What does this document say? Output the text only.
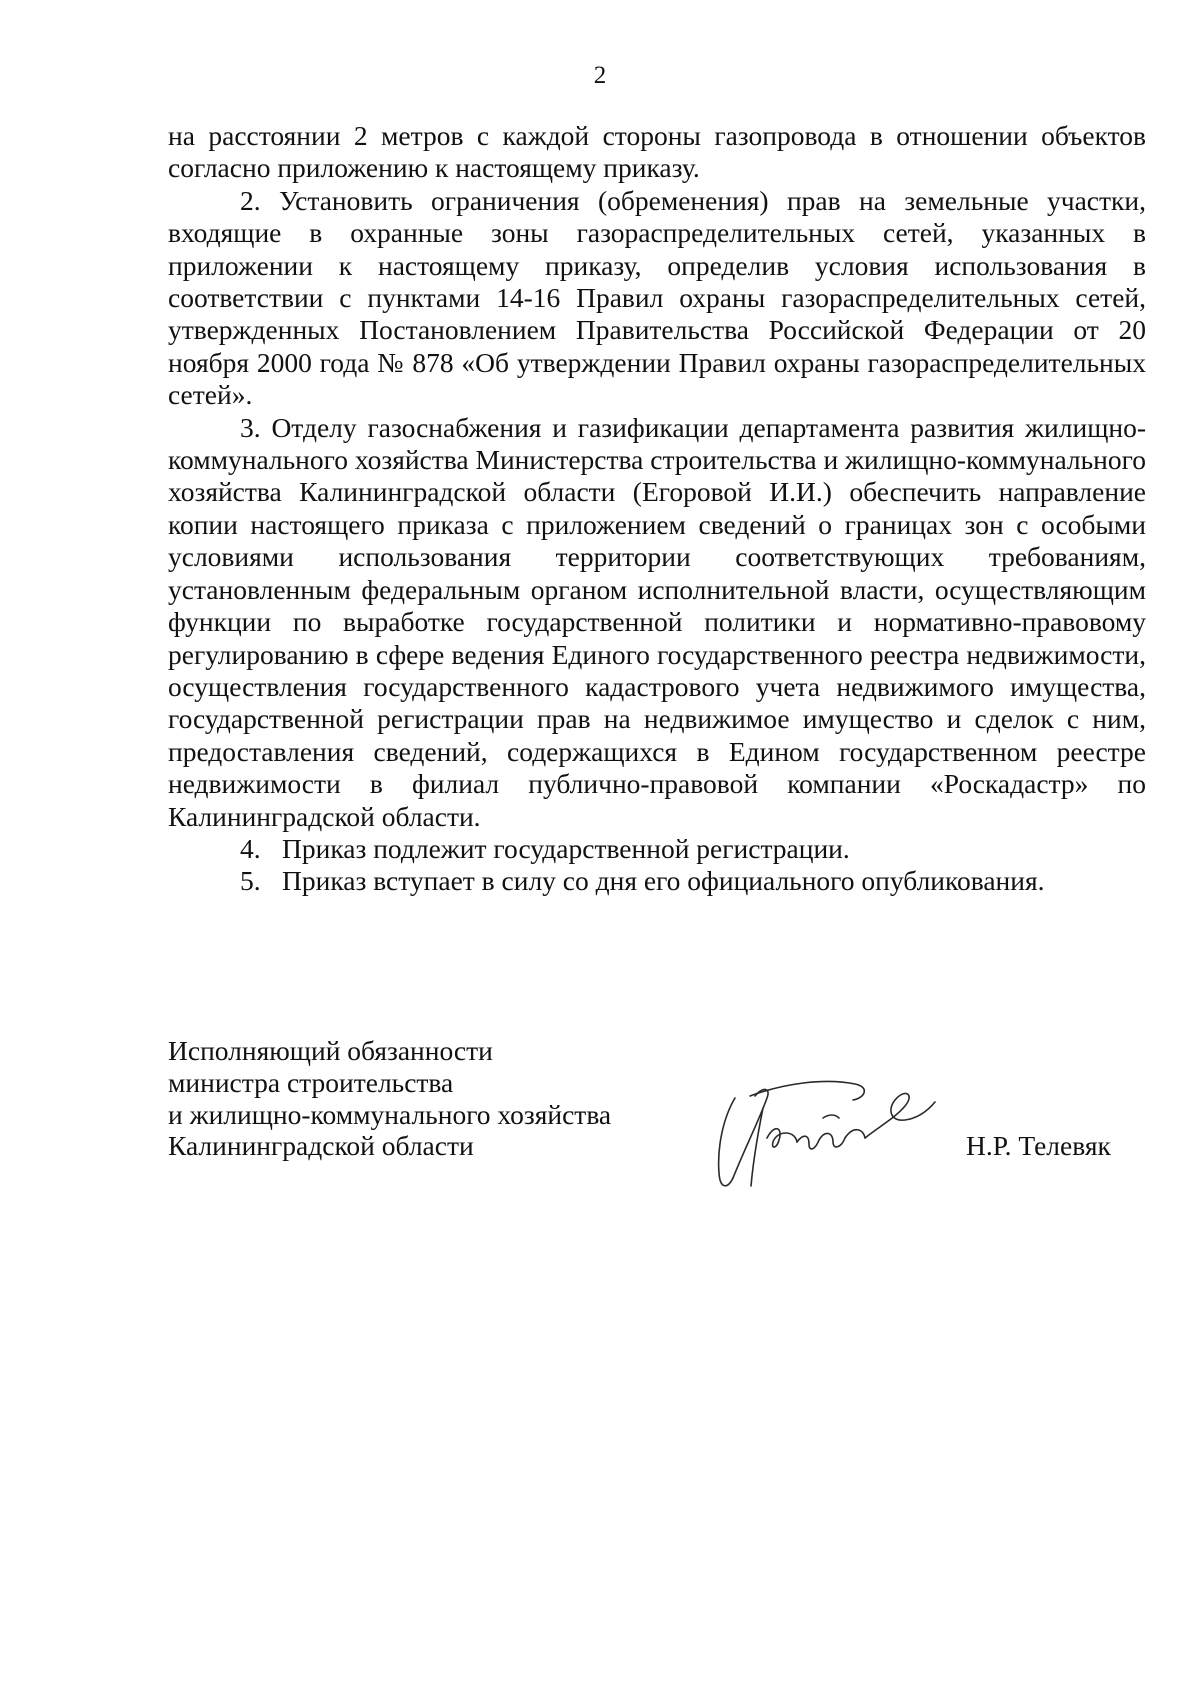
2

на расстоянии 2 метров с каждой стороны газопровода в отношении объектов согласно приложению к настоящему приказу.

2. Установить ограничения (обременения) прав на земельные участки, входящие в охранные зоны газораспределительных сетей, указанных в приложении к настоящему приказу, определив условия использования в соответствии с пунктами 14-16 Правил охраны газораспределительных сетей, утвержденных Постановлением Правительства Российской Федерации от 20 ноября 2000 года № 878 «Об утверждении Правил охраны газораспределительных сетей».

3. Отделу газоснабжения и газификации департамента развития жилищно-коммунального хозяйства Министерства строительства и жилищно-коммунального хозяйства Калининградской области (Егоровой И.И.) обеспечить направление копии настоящего приказа с приложением сведений о границах зон с особыми условиями использования территории соответствующих требованиям, установленным федеральным органом исполнительной власти, осуществляющим функции по выработке государственной политики и нормативно-правовому регулированию в сфере ведения Единого государственного реестра недвижимости, осуществления государственного кадастрового учета недвижимого имущества, государственной регистрации прав на недвижимое имущество и сделок с ним, предоставления сведений, содержащихся в Едином государственном реестре недвижимости в филиал публично-правовой компании «Роскадастр» по Калининградской области.

4. Приказ подлежит государственной регистрации.

5. Приказ вступает в силу со дня его официального опубликования.

Исполняющий обязанности
министра строительства
и жилищно-коммунального хозяйства
Калининградской области	Н.Р. Телевяк
